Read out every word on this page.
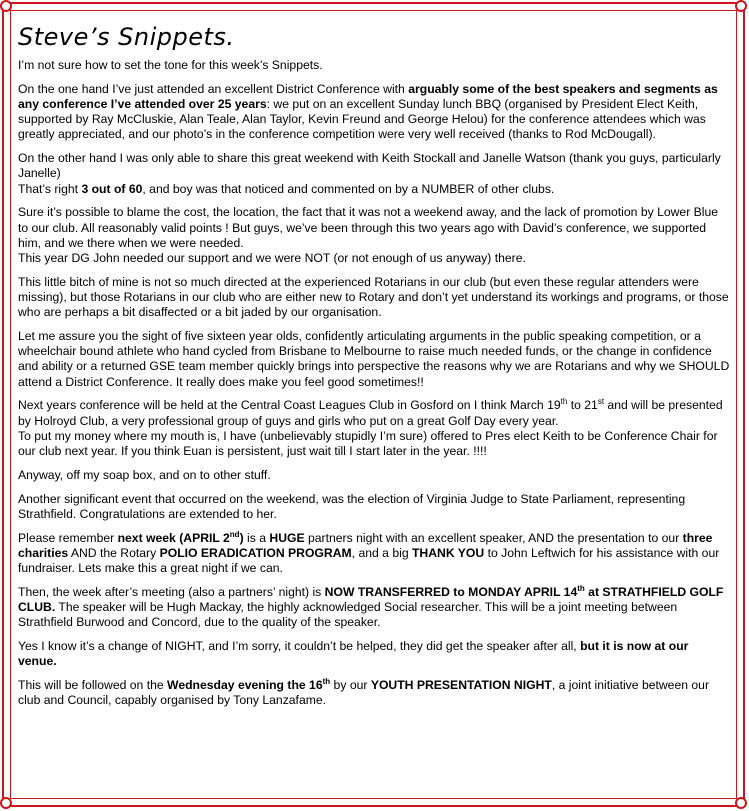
Steve’s Snippets.

I’m not sure how to set the tone for this week’s Snippets.

On the one hand I’ve just attended an excellent District Conference with arguably some of the best speakers and segments as any conference I’ve attended over 25 years: we put on an excellent Sunday lunch BBQ (organised by President Elect Keith, supported by Ray McCluskie, Alan Teale, Alan Taylor, Kevin Freund and George Helou) for the conference attendees which was greatly appreciated, and our photo’s in the conference competition were very well received (thanks to Rod McDougall).

On the other hand I was only able to share this great weekend with Keith Stockall and Janelle Watson (thank you guys, particularly Janelle)
That’s right 3 out of 60, and boy was that noticed and commented on by a NUMBER of other clubs.

Sure it’s possible to blame the cost, the location, the fact that it was not a weekend away, and the lack of promotion by Lower Blue to our club. All reasonably valid points ! But guys, we’ve been through this two years ago with David’s conference, we supported him, and we there when we were needed.
This year DG John needed our support and we were NOT (or not enough of us anyway) there.

This little bitch of mine is not so much directed at the experienced Rotarians in our club (but even these regular attenders were missing), but those Rotarians in our club who are either new to Rotary and don’t yet understand its workings and programs, or those who are perhaps a bit disaffected or a bit jaded by our organisation.

Let me assure you the sight of five sixteen year olds, confidently articulating arguments in the public speaking competition, or a wheelchair bound athlete who hand cycled from Brisbane to Melbourne to raise much needed funds, or the change in confidence and ability or a returned GSE team member quickly brings into perspective the reasons why we are Rotarians and why we SHOULD attend a District Conference. It really does make you feel good sometimes!!

Next years conference will be held at the Central Coast Leagues Club in Gosford on I think March 19th to 21st and will be presented by Holroyd Club, a very professional group of guys and girls who put on a great Golf Day every year.
To put my money where my mouth is, I have (unbelievably stupidly I’m sure) offered to Pres elect Keith to be Conference Chair for our club next year. If you think Euan is persistent, just wait till I start later in the year. !!!!

Anyway, off my soap box, and on to other stuff.

Another significant event that occurred on the weekend, was the election of Virginia Judge to State Parliament, representing Strathfield. Congratulations are extended to her.

Please remember next week (APRIL 2nd) is a HUGE partners night with an excellent speaker, AND the presentation to our three charities AND the Rotary POLIO ERADICATION PROGRAM, and a big THANK YOU to John Leftwich for his assistance with our fundraiser. Lets make this a great night if we can.

Then, the week after’s meeting (also a partners’ night) is NOW TRANSFERRED to MONDAY APRIL 14th at STRATHFIELD GOLF CLUB. The speaker will be Hugh Mackay, the highly acknowledged Social researcher. This will be a joint meeting between Strathfield Burwood and Concord, due to the quality of the speaker.

Yes I know it’s a change of NIGHT, and I’m sorry, it couldn’t be helped, they did get the speaker after all, but it is now at our venue.

This will be followed on the Wednesday evening the 16th by our YOUTH PRESENTATION NIGHT, a joint initiative between our club and Council, capably organised by Tony Lanzafame.
